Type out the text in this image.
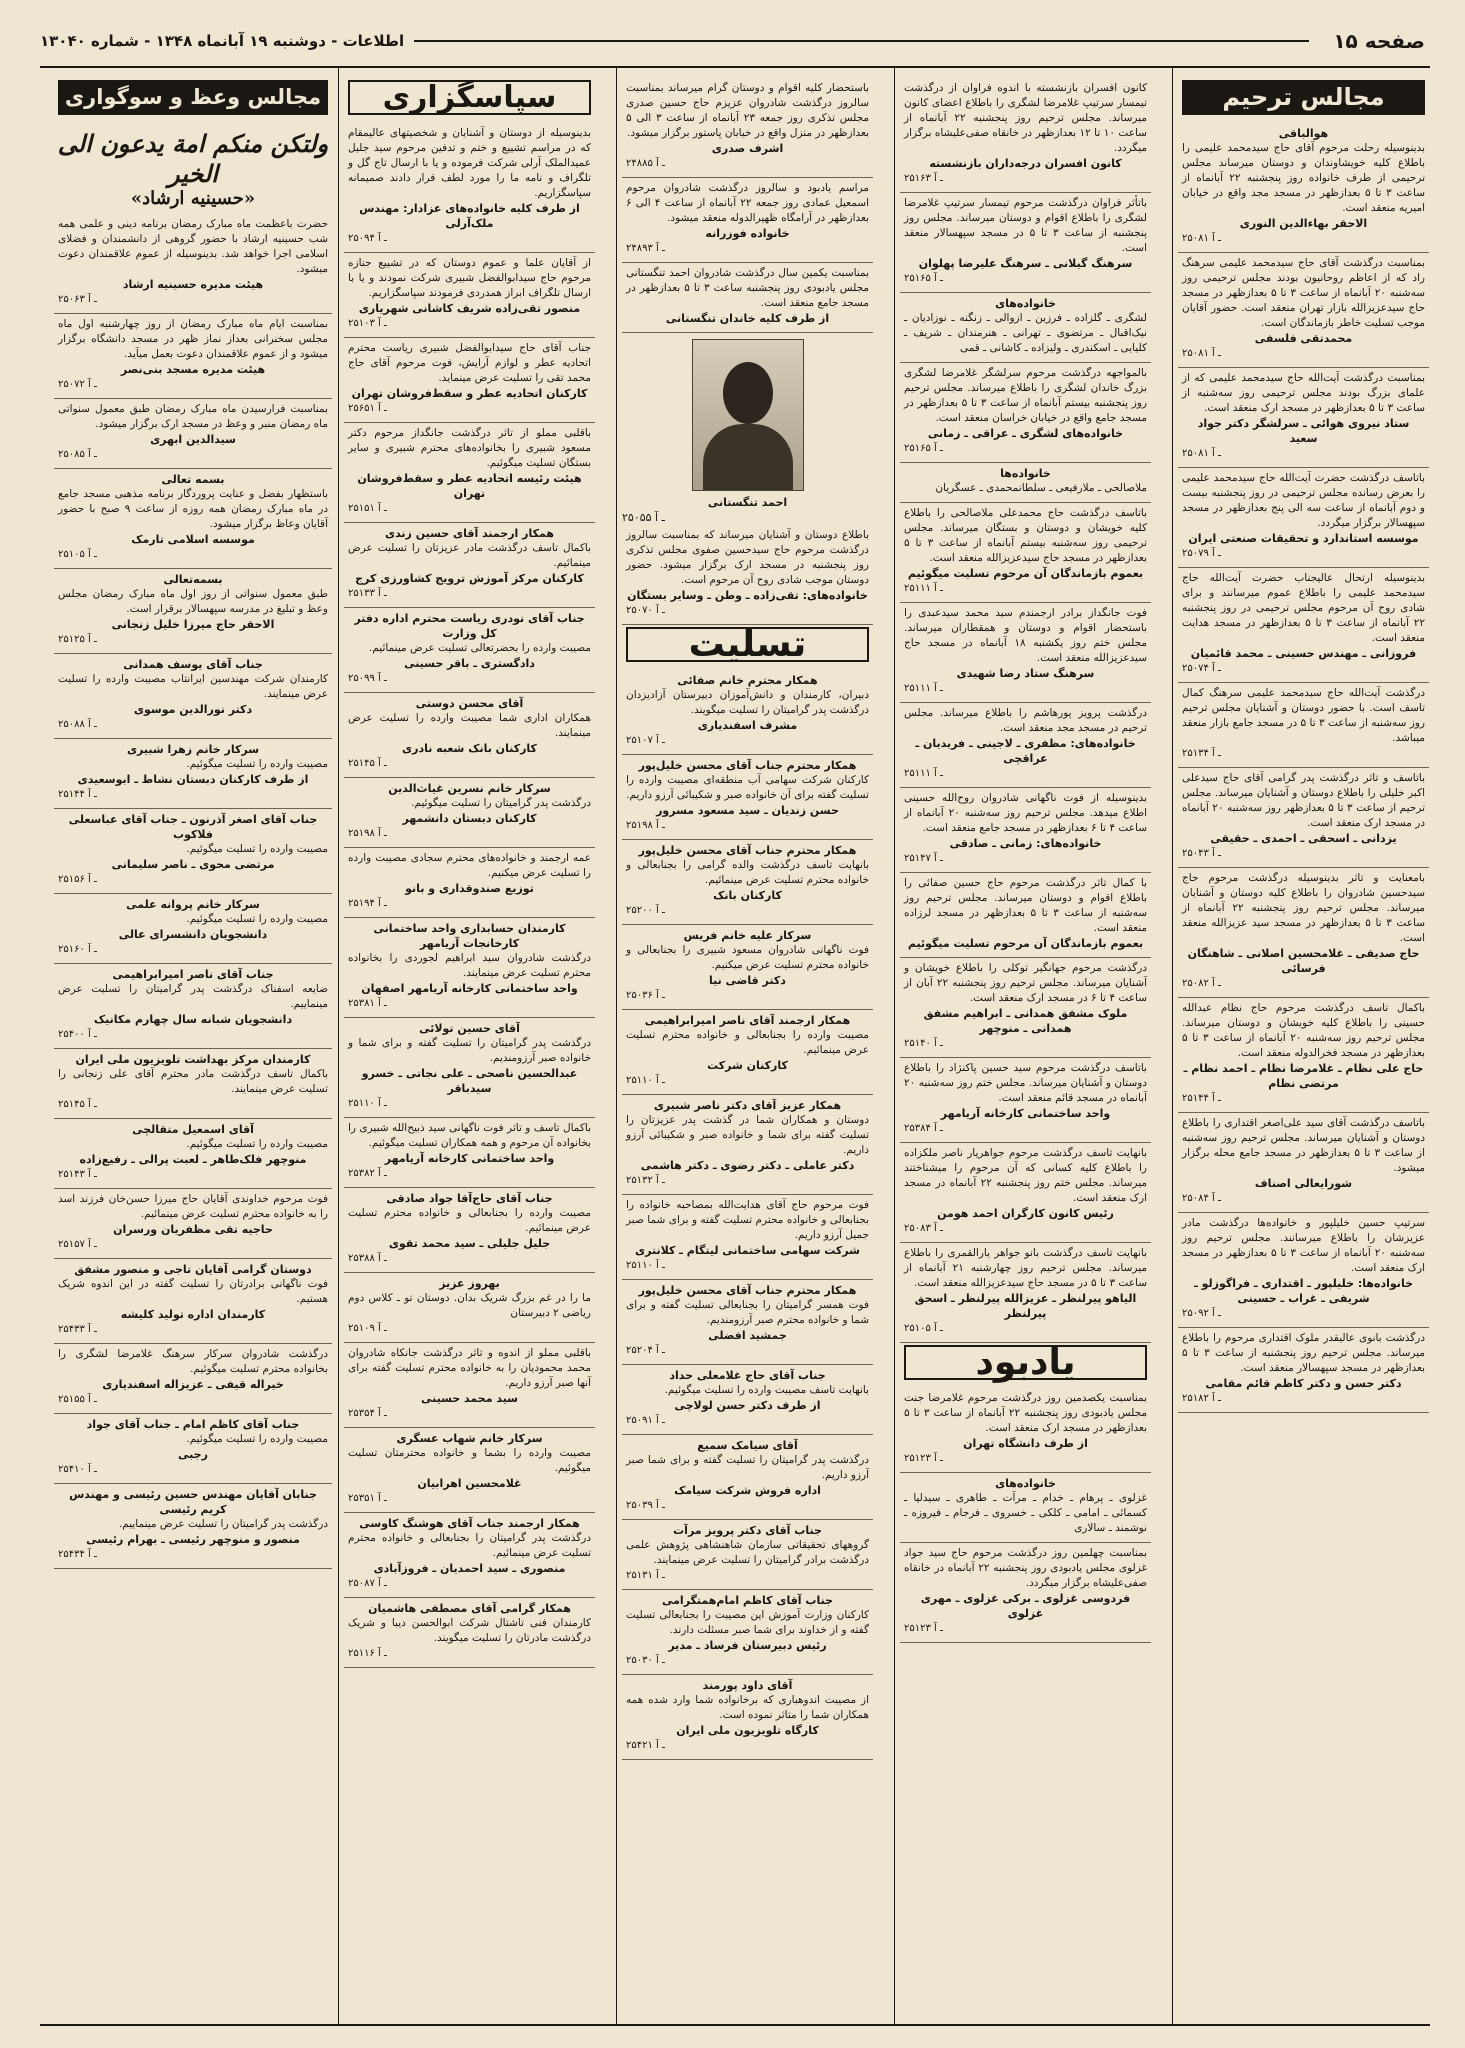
صفحه ۱۵
اطلاعات - دوشنبه ۱۹ آبانماه ۱۳۴۸ - شماره ۱۳۰۴۰
مجالس ترحیم
هوالباقی
بدینوسیله رحلت مرحوم آقای حاج سیدمحمد علیمی را باطلاع کلیه خویشاوندان و دوستان میرساند مجلس ترحیمی از طرف خانواده روز پنجشنبه ۲۲ آبانماه از ساعت ۳ تا ۵ بعدازظهر در مسجد مجد واقع در خیابان امیریه منعقد است.
الاحقر بهاءالدین النوری
۲۵۰۸۱ ـ آ
بمناسبت درگذشت آقای حاج سیدمحمد علیمی سرهنگ راد که از اعاظم روحانیون بودند مجلس ترحیمی روز سه‌شنبه ۲۰ آبانماه از ساعت ۳ تا ۵ بعدازظهر در مسجد حاج سیدعزیزالله بازار تهران منعقد است. حضور آقایان موجب تسلیت خاطر بازماندگان است.
محمدتقی فلسفی
۲۵۰۸۱ ـ آ
بمناسبت درگذشت آیت‌الله حاج سیدمحمد علیمی که از علمای بزرگ بودند مجلس ترحیمی روز سه‌شنبه از ساعت ۳ تا ۵ بعدازظهر در مسجد ارک منعقد است.
ستاد نیروی هوائی ـ سرلشگر دکتر جواد سعید
۲۵۰۸۱ ـ آ
باتاسف درگذشت حضرت آیت‌الله حاج سیدمحمد علیمی را بعرض رسانده مجلس ترحیمی در روز پنجشنبه بیست و دوم آبانماه از ساعت سه الی پنج بعدازظهر در مسجد سپهسالار برگزار میگردد.
موسسه استاندارد و تحقیقات صنعتی ایران
۲۵۰۷۹ ـ آ
بدینوسیله ارتحال عالیجناب حضرت آیت‌الله حاج سیدمحمد علیمی را باطلاع عموم میرسانند و برای شادی روح آن مرحوم مجلس ترحیمی در روز پنجشنبه ۲۲ آبانماه از ساعت ۳ تا ۵ بعدازظهر در مسجد هدایت منعقد است.
فروزانی ـ مهندس حسینی ـ محمد قائمیان
۲۵۰۷۴ ـ آ
درگذشت آیت‌الله حاج سیدمحمد علیمی سرهنگ کمال تاسف است. با حضور دوستان و آشنایان مجلس ترحیم روز سه‌شنبه از ساعت ۳ تا ۵ در مسجد جامع بازار منعقد میباشد.
۲۵۱۳۴ ـ آ
باتاسف و تاثر درگذشت پدر گرامی آقای حاج سیدعلی اکبر خلیلی را باطلاع دوستان و آشنایان میرساند. مجلس ترحیم از ساعت ۳ تا ۵ بعدازظهر روز سه‌شنبه ۲۰ آبانماه در مسجد ارک منعقد است.
یزدانی ـ اسحقی ـ احمدی ـ حقیقی
۲۵۰۴۳ ـ آ
بامعنایت و تاثر بدینوسیله درگذشت مرحوم حاج سیدحسین شادروان را باطلاع کلیه دوستان و آشنایان میرساند. مجلس ترحیم روز پنجشنبه ۲۲ آبانماه از ساعت ۳ تا ۵ بعدازظهر در مسجد سید عزیزالله منعقد است.
حاج صدیقی ـ غلامحسین اصلانی ـ شاهنگان فرسائی
۲۵۰۸۲ ـ آ
باکمال تاسف درگذشت مرحوم حاج نظام عبدالله حسینی را باطلاع کلیه خویشان و دوستان میرساند. مجلس ترحیم روز سه‌شنبه ۲۰ آبانماه از ساعت ۳ تا ۵ بعدازظهر در مسجد فخرالدوله منعقد است.
حاج علی نظام ـ غلامرضا نظام ـ احمد نظام ـ مرتضی نظام
۲۵۱۴۴ ـ آ
باتاسف درگذشت آقای سید علی‌اصغر اقتداری را باطلاع دوستان و آشنایان میرساند. مجلس ترحیم روز سه‌شنبه از ساعت ۳ تا ۵ بعدازظهر در مسجد جامع محله برگزار میشود.
شورایعالی اصناف
۲۵۰۸۴ ـ آ
سرتیپ حسین خلیلپور و خانواده‌ها درگذشت مادر عزیزشان را باطلاع میرسانند. مجلس ترحیم روز سه‌شنبه ۲۰ آبانماه از ساعت ۳ تا ۵ بعدازظهر در مسجد ارک منعقد است.
خانواده‌ها: خلیلپور ـ اقتداری ـ فراگوزلو ـ شریفی ـ غراب ـ حسینی
۲۵۰۹۲ ـ آ
درگذشت بانوی عالیقدر ملوک اقتداری مرحوم را باطلاع میرساند. مجلس ترحیم روز پنجشنبه از ساعت ۳ تا ۵ بعدازظهر در مسجد سپهسالار منعقد است.
دکتر حسن و دکتر کاظم قائم مقامی
۲۵۱۸۲ ـ آ
کانون افسران بازنشسته با اندوه فراوان از درگذشت تیمسار سرتیپ غلامرضا لشگری را باطلاع اعضای کانون میرساند. مجلس ترحیم روز پنجشنبه ۲۲ آبانماه از ساعت ۱۰ تا ۱۲ بعدازظهر در خانقاه صفی‌علیشاه برگزار میگردد.
کانون افسران درجه‌داران بازنشسته
۲۵۱۶۳ ـ آ
باتأثر فراوان درگذشت مرحوم تیمسار سرتیپ غلامرضا لشگری را باطلاع اقوام و دوستان میرساند. مجلس روز پنجشنبه از ساعت ۳ تا ۵ در مسجد سپهسالار منعقد است.
سرهنگ گیلانی ـ سرهنگ علیرضا پهلوان
۲۵۱۶۵ ـ آ
خانواده‌های
لشگری ـ گلزاده ـ فرزین ـ ازوالی ـ زنگنه ـ نوزادیان ـ نیک‌اقبال ـ مرتضوی ـ تهرانی ـ هنرمندان ـ شریف ـ کلیایی ـ اسکندری ـ ولیزاده ـ کاشانی ـ قمی
بالمواجهه درگذشت مرحوم سرلشگر غلامرضا لشگری بزرگ خاندان لشگری را باطلاع میرساند. مجلس ترحیم روز پنجشنبه بیستم آبانماه از ساعت ۳ تا ۵ بعدازظهر در مسجد جامع واقع در خیابان خراسان منعقد است.
خانواده‌های لشگری ـ عراقی ـ زمانی
۲۵۱۶۵ ـ آ
خانواده‌ها
ملاصالحی ـ ملارفیعی ـ سلطانمحمدی ـ عسگریان
باتاسف درگذشت حاج محمدعلی ملاصالحی را باطلاع کلیه خویشان و دوستان و بستگان میرساند. مجلس ترحیمی روز سه‌شنبه بیستم آبانماه از ساعت ۳ تا ۵ بعدازظهر در مسجد حاج سیدعزیزالله منعقد است.
بعموم بازماندگان آن مرحوم تسلیت میگوئیم
۲۵۱۱۱ ـ آ
فوت جانگداز برادر ارجمندم سید محمد سیدعبدی را باستحضار اقوام و دوستان و همقطاران میرساند. مجلس ختم روز یکشنبه ۱۸ آبانماه در مسجد حاج سیدعزیزالله منعقد است.
سرهنگ ستاد رضا شهیدی
۲۵۱۱۱ ـ آ
درگذشت پرویز پورهاشم را باطلاع میرساند. مجلس ترحیم در مسجد مجد منعقد است.
خانواده‌های: مظفری ـ لاجینی ـ فریدیان ـ عراقچی
۲۵۱۱۱ ـ آ
بدینوسیله از فوت ناگهانی شادروان روح‌الله حسینی اطلاع میدهد. مجلس ترحیم روز سه‌شنبه ۲۰ آبانماه از ساعت ۴ تا ۶ بعدازظهر در مسجد جامع منعقد است.
خانواده‌های: زمانی ـ صادقی
۲۵۱۴۷ ـ آ
با کمال تاثر درگذشت مرحوم حاج حسین صفائی را باطلاع اقوام و دوستان میرساند. مجلس ترحیم روز سه‌شنبه از ساعت ۳ تا ۵ بعدازظهر در مسجد لرزاده منعقد است.
بعموم بازماندگان آن مرحوم تسلیت میگوئیم
درگذشت مرحوم جهانگیر توکلی را باطلاع خویشان و آشنایان میرساند. مجلس ترحیم روز پنجشنبه ۲۲ آبان از ساعت ۴ تا ۶ در مسجد ارک منعقد است.
ملوک مشفق همدانی ـ ابراهیم مشفق همدانی ـ منوچهر
۲۵۱۴۰ ـ آ
باتاسف درگذشت مرحوم سید حسین پاکنژاد را باطلاع دوستان و آشنایان میرساند. مجلس ختم روز سه‌شنبه ۲۰ آبانماه در مسجد قائم منعقد است.
واحد ساختمانی کارخانه آریامهر
۲۵۳۸۴ ـ آ
بانهایت تاسف درگذشت مرحوم جواهریار ناصر ملکزاده را باطلاع کلیه کسانی که آن مرحوم را میشناختند میرساند. مجلس ختم روز پنجشنبه ۲۲ آبانماه در مسجد ارک منعقد است.
رئیس کانون کارگران احمد هومن
۲۵۰۸۳ ـ آ
بانهایت تاسف درگذشت بانو جواهر یارالقمری را باطلاع میرساند. مجلس ترحیم روز چهارشنبه ۲۱ آبانماه از ساعت ۳ تا ۵ در مسجد حاج سیدعزیزالله منعقد است.
الیاهو پیرلنظر ـ عزیزالله پیرلنظر ـ اسحق پیرلنظر
۲۵۱۰۵ ـ آ
یادبود
بمناسبت یکصدمین روز درگذشت مرحوم غلامرضا جنت مجلس یادبودی روز پنجشنبه ۲۲ آبانماه از ساعت ۳ تا ۵ بعدازظهر در مسجد ارک منعقد است.
از طرف دانشگاه تهران
۲۵۱۲۳ ـ آ
خانواده‌های
غزلوی ـ پرهام ـ خدام ـ مرآت ـ طاهری ـ سیدلیا ـ کسمائی ـ امامی ـ کلکی ـ خسروی ـ فرجام ـ فیروزه ـ نوشمند ـ سالاری
بمناسبت چهلمین روز درگذشت مرحوم حاج سید جواد غزلوی مجلس یادبودی روز پنجشنبه ۲۲ آبانماه در خانقاه صفی‌علیشاه برگزار میگردد.
فردوسی غزلوی ـ برکی غزلوی ـ مهری غزلوی
۲۵۱۲۳ ـ آ
باستحضار کلیه اقوام و دوستان گرام میرساند بمناسبت سالروز درگذشت شادروان عزیزم حاج حسین صدری مجلس تذکری روز جمعه ۲۳ آبانماه از ساعت ۳ الی ۵ بعدازظهر در منزل واقع در خیابان پاستور برگزار میشود.
اشرف صدری
۲۴۸۸۵ ـ آ
مراسم یادبود و سالروز درگذشت شادروان مرحوم اسمعیل عمادی روز جمعه ۲۲ آبانماه از ساعت ۴ الی ۶ بعدازظهر در آرامگاه ظهیرالدوله منعقد میشود.
خانواده فوزرانه
۲۴۸۹۳ ـ آ
بمناسبت یکمین سال درگذشت شادروان احمد تنگستانی مجلس یادبودی روز پنجشنبه ساعت ۳ تا ۵ بعدازظهر در مسجد جامع منعقد است.
از طرف کلیه خاندان تنگستانی
احمد تنگستانی
۲۵۰۵۵ ـ آ
باطلاع دوستان و آشنایان میرساند که بمناسبت سالروز درگذشت مرحوم حاج سیدحسین صفوی مجلس تذکری روز پنجشنبه در مسجد ارک برگزار میشود. حضور دوستان موجب شادی روح آن مرحوم است.
خانواده‌های: تقی‌زاده ـ وطن ـ وسایر بستگان
۲۵۰۷۰ ـ آ
تسلیت
همکار محترم خانم صفائی
دبیران، کارمندان و دانش‌آموزان دبیرستان آزادیزدان درگذشت پدر گرامیتان را تسلیت میگویند.
مشرف اسفندیاری
۲۵۱۰۷ ـ آ
همکار محترم جناب آقای محسن خلیل‌پور
کارکنان شرکت سهامی آب منطقه‌ای مصیبت وارده را تسلیت گفته برای آن خانواده صبر و شکیبائی آرزو داریم.
حسن زندیان ـ سید مسعود مسرور
۲۵۱۹۸ ـ آ
همکار محترم جناب آقای محسن خلیل‌پور
بانهایت تاسف درگذشت والده گرامی را بجنابعالی و خانواده محترم تسلیت عرض مینمائیم.
کارکنان بانک
۲۵۲۰۰ ـ آ
سرکار علیه خانم فریس
فوت ناگهانی شادروان مسعود شبیری را بجنابعالی و خانواده محترم تسلیت عرض میکنیم.
دکتر قاضی نیا
۲۵۰۳۶ ـ آ
همکار ارجمند آقای ناصر امیرابراهیمی
مصیبت وارده را بجنابعالی و خانواده محترم تسلیت عرض مینمائیم.
کارکنان شرکت
۲۵۱۱۰ ـ آ
همکار عزیز آقای دکتر ناصر شبیری
دوستان و همکاران شما در گذشت پدر عزیزتان را تسلیت گفته برای شما و خانواده صبر و شکیبائی آرزو داریم.
دکتر عاملی ـ دکتر رضوی ـ دکتر هاشمی
۲۵۱۳۲ ـ آ
فوت مرحوم حاج آقای هدایت‌الله بمصاحبه خانواده را بجنابعالی و خانواده محترم تسلیت گفته و برای شما صبر جمیل آرزو داریم.
شرکت سهامی ساختمانی لیتگام ـ کلانتری
۲۵۱۱۰ ـ آ
همکار محترم جناب آقای محسن خلیل‌پور
فوت همسر گرامیتان را بجنابعالی تسلیت گفته و برای شما و خانواده محترم صبر آرزومندیم.
جمشید افضلی
۲۵۲۰۴ ـ آ
جناب آقای حاج غلامعلی حداد
بانهایت تاسف مصیبت وارده را تسلیت میگوئیم.
از طرف دکتر حسن لولاچی
۲۵۰۹۱ ـ آ
آقای سیامک سمیع
درگذشت پدر گرامیتان را تسلیت گفته و برای شما صبر آرزو داریم.
اداره فروش شرکت سیامک
۲۵۰۳۹ ـ آ
جناب آقای دکتر پرویز مرآت
گروههای تحقیقاتی سازمان شاهنشاهی پژوهش علمی درگذشت برادر گرامیتان را تسلیت عرض مینمایند.
۲۵۱۳۱ ـ آ
جناب آقای کاظم امام‌همتگرامی
کارکنان وزارت آموزش این مصیبت را بجنابعالی تسلیت گفته و از خداوند برای شما صبر مسئلت دارند.
رئیس دبیرستان فرساد ـ مدیر
۲۵۰۳۰ ـ آ
آقای داود پورمند
از مصیبت اندوهباری که برخانواده شما وارد شده همه همکاران شما را متاثر نموده است.
کارگاه تلویزیون ملی ایران
۲۵۴۲۱ ـ آ
سپاسگزاری
بدینوسیله از دوستان و آشنایان و شخصیتهای عالیمقام که در مراسم تشییع و ختم و تدفین مرحوم سید جلیل عمیدالملک آرلی شرکت فرموده و یا با ارسال تاج گل و تلگراف و نامه ما را مورد لطف قرار دادند صمیمانه سپاسگزاریم.
از طرف کلیه خانواده‌های عزادار: مهندس ملک‌آرلی
۲۵۰۹۴ ـ آ
از آقایان علما و عموم دوستان که در تشییع جنازه مرحوم حاج سیدابوالفضل شبیری شرکت نمودند و یا با ارسال تلگراف ابراز همدردی فرمودند سپاسگزاریم.
منصور تقی‌زاده شریف کاشانی شهریاری
۲۵۱۰۳ ـ آ
جناب آقای حاج سیدابوالفضل شبیری ریاست محترم اتحادیه عطر و لوازم آرایش، فوت مرحوم آقای حاج محمد تقی را تسلیت عرض مینماید.
کارکنان اتحادیه عطر و سقط‌فروشان تهران
۲۵۶۵۱ ـ آ
باقلبی مملو از تاثر درگذشت جانگداز مرحوم دکتر مسعود شبیری را بخانواده‌های محترم شبیری و سایر بستگان تسلیت میگوئیم.
هیئت رئیسه اتحادیه عطر و سقط‌فروشان تهران
۲۵۱۵۱ ـ آ
همکار ارجمند آقای حسین زندی
باکمال تاسف درگذشت مادر عزیزتان را تسلیت عرض مینمائیم.
کارکنان مرکز آموزش ترویج کشاورزی کرج
۲۵۱۳۳ ـ آ
جناب آقای نودری ریاست محترم اداره دفتر کل وزارت
مصیبت وارده را بحضرتعالی تسلیت عرض مینمائیم.
دادگستری ـ باقر حسینی
۲۵۰۹۹ ـ آ
آقای محسن دوستی
همکاران اداری شما مصیبت وارده را تسلیت عرض مینمایند.
کارکنان بانک شعبه نادری
۲۵۱۴۵ ـ آ
سرکار خانم نسرین غیاث‌الدین
درگذشت پدر گرامیتان را تسلیت میگوئیم.
کارکنان دبستان دانشمهر
۲۵۱۹۸ ـ آ
عمه ارجمند و خانواده‌های محترم سجادی مصیبت وارده را تسلیت عرض میکنیم.
توزیع صندوقداری و بانو
۲۵۱۹۴ ـ آ
کارمندان حسابداری واحد ساختمانی کارخانجات آریامهر
درگذشت شادروان سید ابراهیم لجوردی را بخانواده محترم تسلیت عرض مینمایند.
واحد ساختمانی کارخانه آریامهر اصفهان
۲۵۳۸۱ ـ آ
آقای حسین تولائی
درگذشت پدر گرامیتان را تسلیت گفته و برای شما و خانواده صبر آرزومندیم.
عبدالحسین ناصحی ـ علی نجاتی ـ خسرو سیدباقر
۲۵۱۱۰ ـ آ
باکمال تاسف و تاثر فوت ناگهانی سید ذبیح‌الله شبیری را بخانواده آن مرحوم و همه همکاران تسلیت میگوئیم.
واحد ساختمانی کارخانه آریامهر
۲۵۳۸۲ ـ آ
جناب آقای حاج‌آقا جواد صادقی
مصیبت وارده را بجنابعالی و خانواده محترم تسلیت عرض مینمائیم.
جلیل جلیلی ـ سید محمد تقوی
۲۵۳۸۸ ـ آ
بهروز عزیز
ما را در غم بزرگ شریک بدان. دوستان تو ـ کلاس دوم ریاضی ۲ دبیرستان
۲۵۱۰۹ ـ آ
باقلبی مملو از اندوه و تاثر درگذشت جانکاه شادروان محمد محمودیان را به خانواده محترم تسلیت گفته برای آنها صبر آرزو داریم.
سید محمد حسینی
۲۵۳۵۴ ـ آ
سرکار خانم شهاب عسگری
مصیبت وارده را بشما و خانواده محترمتان تسلیت میگوئیم.
غلامحسین اهرابیان
۲۵۳۵۱ ـ آ
همکار ارجمند جناب آقای هوشنگ کاوسی
درگذشت پدر گرامیتان را بجنابعالی و خانواده محترم تسلیت عرض مینمائیم.
منصوری ـ سید احمدیان ـ فروزآبادی
۲۵۰۸۷ ـ آ
همکار گرامی آقای مصطفی هاشمیان
کارمندان فنی تاشتال شرکت ابوالحسن دیبا و شریک درگذشت مادرتان را تسلیت میگویند.
۲۵۱۱۶ ـ آ
مجالس وعظ و سوگواری
ولتکن منکم امة یدعون الی الخیر
«حسینیه ارشاد»
حضرت باعظمت ماه مبارک رمضان برنامه دینی و علمی همه شب حسینیه ارشاد با حضور گروهی از دانشمندان و فضلای اسلامی اجرا خواهد شد. بدینوسیله از عموم علاقمندان دعوت میشود.
هیئت مدیره حسینیه ارشاد
۲۵۰۶۳ ـ آ
بمناسبت ایام ماه مبارک رمضان از روز چهارشنبه اول ماه مجلس سخنرانی بعداز نماز ظهر در مسجد دانشگاه برگزار میشود و از عموم علاقمندان دعوت بعمل میآید.
هیئت مدیره مسجد بنی‌نصر
۲۵۰۷۲ ـ آ
بمناسبت فرارسیدن ماه مبارک رمضان طبق معمول سنواتی ماه رمضان منبر و وعظ در مسجد ارک برگزار میشود.
سیدالدین ابهری
۲۵۰۸۵ ـ آ
بسمه تعالی
باستظهار بفضل و عنایت پروردگار برنامه مذهبی مسجد جامع در ماه مبارک رمضان همه روزه از ساعت ۹ صبح با حضور آقایان وعاظ برگزار میشود.
موسسه اسلامی تارمک
۲۵۱۰۵ ـ آ
بسمه‌تعالی
طبق معمول سنواتی از روز اول ماه مبارک رمضان مجلس وعظ و تبلیغ در مدرسه سپهسالار برقرار است.
الاحقر حاج میرزا خلیل زنجانی
۲۵۱۲۵ ـ آ
جناب آقای یوسف همدانی
کارمندان شرکت مهندسین ایرانتاب مصیبت وارده را تسلیت عرض مینمایند.
دکتر نورالدین موسوی
۲۵۰۸۸ ـ آ
سرکار خانم زهرا شبیری
مصیبت وارده را تسلیت میگوئیم.
از طرف کارکنان دبستان نشاط ـ ابوسعیدی
۲۵۱۴۴ ـ آ
جناب آقای اصغر آذرنون ـ جناب آقای عباسعلی فلاکوب
مصیبت وارده را تسلیت میگوئیم.
مرتضی محوی ـ ناصر سلیمانی
۲۵۱۵۶ ـ آ
سرکار خانم پروانه علمی
مصیبت وارده را تسلیت میگوئیم.
دانشجویان دانشسرای عالی
۲۵۱۶۰ ـ آ
جناب آقای ناصر امیرابراهیمی
ضایعه اسفناک درگذشت پدر گرامیتان را تسلیت عرض مینماییم.
دانشجویان شبانه سال چهارم مکانیک
۲۵۴۰۰ ـ آ
کارمندان مرکز بهداشت تلویزیون ملی ایران
باکمال تاسف درگذشت مادر محترم آقای علی زنجانی را تسلیت عرض مینمایند.
۲۵۱۴۵ ـ آ
آقای اسمعیل متقالچی
مصیبت وارده را تسلیت میگوئیم.
منوچهر فلک‌طاهر ـ لعبت پرالی ـ رفیع‌زاده
۲۵۱۴۳ ـ آ
فوت مرحوم خداوندی آقایان حاج میرزا حسن‌خان فرزند اسد را به خانواده محترم تسلیت عرض مینمائیم.
حاجیه تقی مظفریان ورسران
۲۵۱۵۷ ـ آ
دوستان گرامی آقایان تاجی و منصور مشفق
فوت ناگهانی برادرتان را تسلیت گفته در این اندوه شریک هستیم.
کارمندان اداره تولید کلیشه
۲۵۴۳۳ ـ آ
درگذشت شادروان سرکار سرهنگ غلامرضا لشگری را بخانواده محترم تسلیت میگوئیم.
خیراله قیفی ـ عزیزاله اسفندیاری
۲۵۱۵۵ ـ آ
جناب آقای کاظم امام ـ جناب آقای جواد
مصیبت وارده را تسلیت میگوئیم.
رجبی
۲۵۴۱۰ ـ آ
جنابان آقایان مهندس حسین رئیسی و مهندس کریم رئیسی
درگذشت پدر گرامیتان را تسلیت عرض مینماییم.
منصور و منوچهر رئیسی ـ بهرام رئیسی
۲۵۴۳۴ ـ آ
